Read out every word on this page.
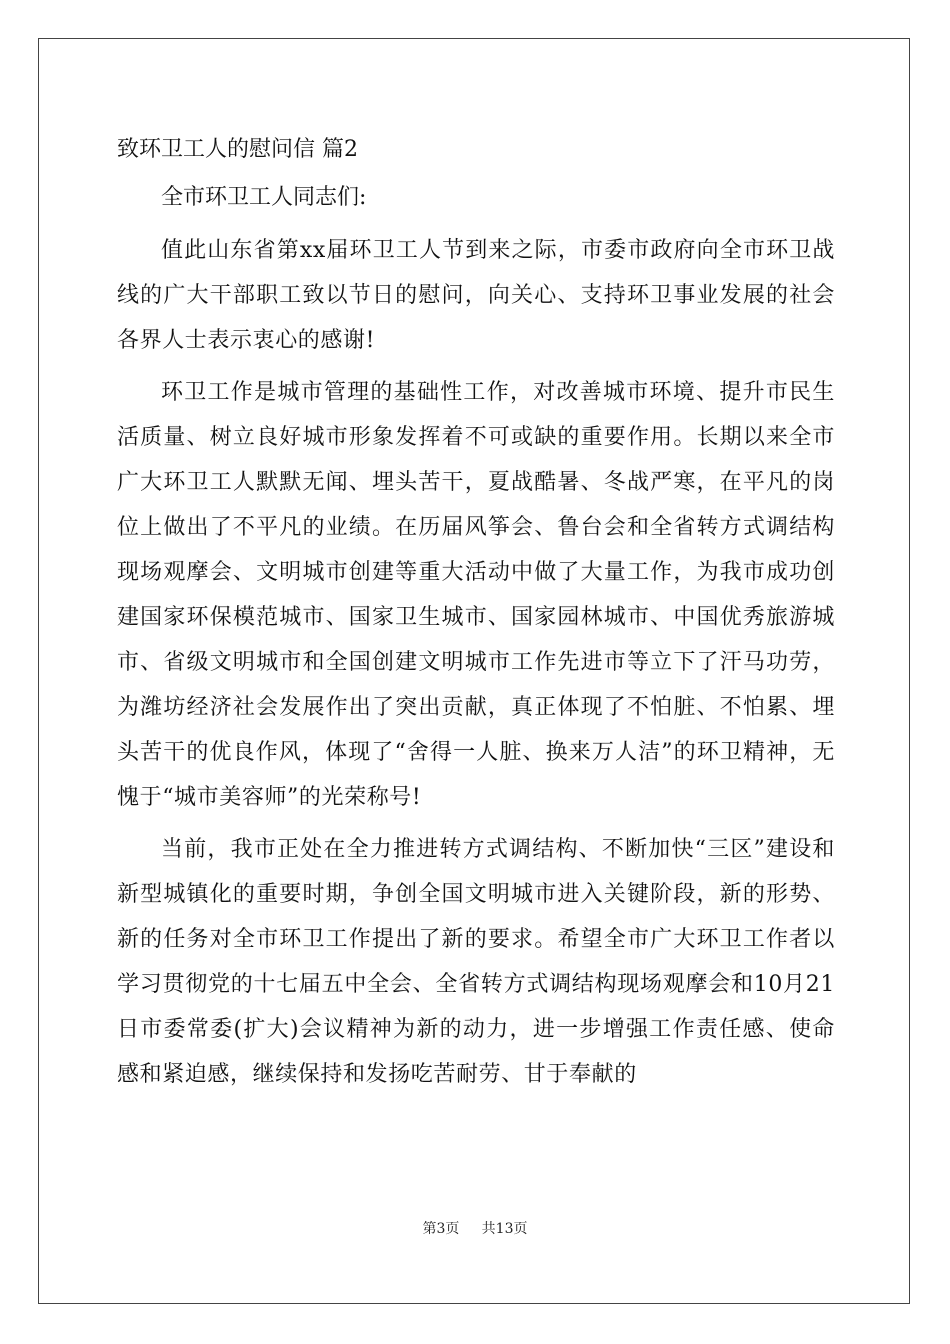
致环卫工人的慰问信 篇2
全市环卫工人同志们:

值此山东省第xx届环卫工人节到来之际，市委市政府向全市环卫战线的广大干部职工致以节日的慰问，向关心、支持环卫事业发展的社会各界人士表示衷心的感谢!

环卫工作是城市管理的基础性工作，对改善城市环境、提升市民生活质量、树立良好城市形象发挥着不可或缺的重要作用。长期以来全市广大环卫工人默默无闻、埋头苦干，夏战酷暑、冬战严寒，在平凡的岗位上做出了不平凡的业绩。在历届风筝会、鲁台会和全省转方式调结构现场观摩会、文明城市创建等重大活动中做了大量工作，为我市成功创建国家环保模范城市、国家卫生城市、国家园林城市、中国优秀旅游城市、省级文明城市和全国创建文明城市工作先进市等立下了汗马功劳，为潍坊经济社会发展作出了突出贡献，真正体现了不怕脏、不怕累、埋头苦干的优良作风，体现了“舍得一人脏、换来万人洁”的环卫精神，无愧于“城市美容师”的光荣称号!

当前，我市正处在全力推进转方式调结构、不断加快“三区”建设和新型城镇化的重要时期，争创全国文明城市进入关键阶段，新的形势、新的任务对全市环卫工作提出了新的要求。希望全市广大环卫工作者以学习贯彻党的十七届五中全会、全省转方式调结构现场观摩会和10月21日市委常委(扩大)会议精神为新的动力，进一步增强工作责任感、使命感和紧迫感，继续保持和发扬吃苦耐劳、甘于奉献的

第3页 共13页
